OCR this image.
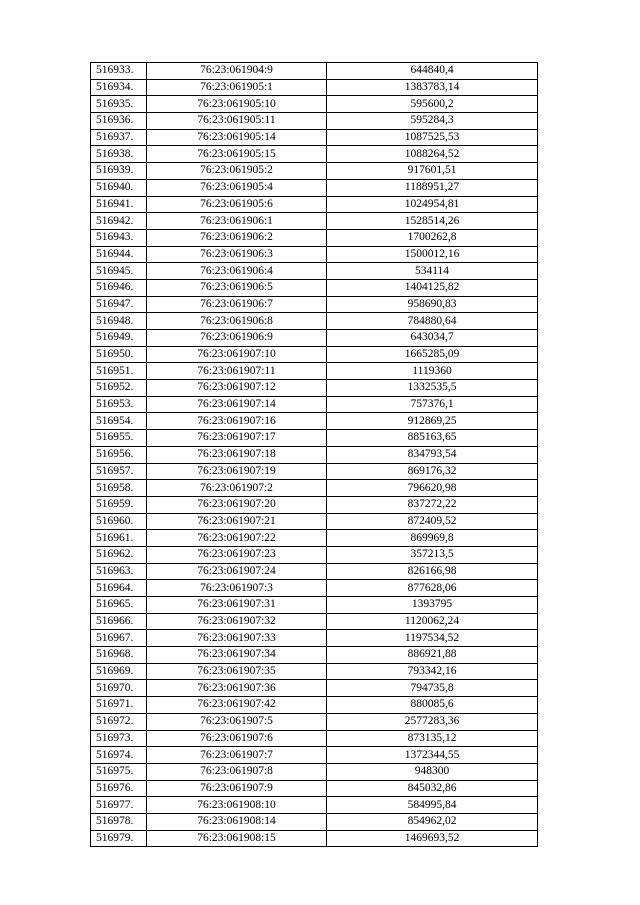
516933.	76:23:061904:9	644840,4
516934.	76:23:061905:1	1383783,14
516935.	76:23:061905:10	595600,2
516936.	76:23:061905:11	595284,3
516937.	76:23:061905:14	1087525,53
516938.	76:23:061905:15	1088264,52
516939.	76:23:061905:2	917601,51
516940.	76:23:061905:4	1188951,27
516941.	76:23:061905:6	1024954,81
516942.	76:23:061906:1	1528514,26
516943.	76:23:061906:2	1700262,8
516944.	76:23:061906:3	1500012,16
516945.	76:23:061906:4	534114
516946.	76:23:061906:5	1404125,82
516947.	76:23:061906:7	958690,83
516948.	76:23:061906:8	784880,64
516949.	76:23:061906:9	643034,7
516950.	76:23:061907:10	1665285,09
516951.	76:23:061907:11	1119360
516952.	76:23:061907:12	1332535,5
516953.	76:23:061907:14	757376,1
516954.	76:23:061907:16	912869,25
516955.	76:23:061907:17	885163,65
516956.	76:23:061907:18	834793,54
516957.	76:23:061907:19	869176,32
516958.	76:23:061907:2	796620,98
516959.	76:23:061907:20	837272,22
516960.	76:23:061907:21	872409,52
516961.	76:23:061907:22	869969,8
516962.	76:23:061907:23	357213,5
516963.	76:23:061907:24	826166,98
516964.	76:23:061907:3	877628,06
516965.	76:23:061907:31	1393795
516966.	76:23:061907:32	1120062,24
516967.	76:23:061907:33	1197534,52
516968.	76:23:061907:34	886921,88
516969.	76:23:061907:35	793342,16
516970.	76:23:061907:36	794735,8
516971.	76:23:061907:42	880085,6
516972.	76:23:061907:5	2577283,36
516973.	76:23:061907:6	873135,12
516974.	76:23:061907:7	1372344,55
516975.	76:23:061907:8	948300
516976.	76:23:061907:9	845032,86
516977.	76:23:061908:10	584995,84
516978.	76:23:061908:14	854962,02
516979.	76:23:061908:15	1469693,52
